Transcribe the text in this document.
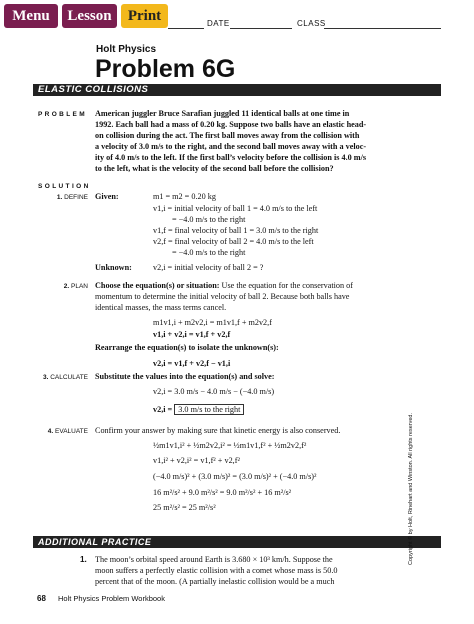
Menu	Lesson	Print	DATE	CLASS
Holt Physics
Problem 6G
ELASTIC COLLISIONS
P R O B L E M American juggler Bruce Sarafian juggled 11 identical balls at one time in
1992. Each ball had a mass of 0.20 kg. Suppose two balls have an elastic head-
on collision during the act. The first ball moves away from the collision with
a velocity of 3.0 m/s to the right, and the second ball moves away with a veloc-
ity of 4.0 m/s to the left. If the first ball’s velocity before the collision is 4.0 m/s
to the left, what is the velocity of the second ball before the collision?
S O L U T I O N
1. DEFINE Given:	m1 = m2 = 0.20 kg
v1,i = initial velocity of ball 1 = 4.0 m/s to the left
= −4.0 m/s to the right
v1,f = final velocity of ball 1 = 3.0 m/s to the right
v2,f = final velocity of ball 2 = 4.0 m/s to the left
= −4.0 m/s to the right
Unknown:	v2,i = initial velocity of ball 2 = ?
2. PLAN Choose the equation(s) or situation: Use the equation for the conservation of
momentum to determine the initial velocity of ball 2. Because both balls have
identical masses, the mass terms cancel.
m1v1,i + m2v2,i = m1v1,f + m2v2,f
v1,i + v2,i = v1,f + v2,f
Rearrange the equation(s) to isolate the unknown(s):
v2,i = v1,f + v2,f − v1,i
3. CALCULATE Substitute the values into the equation(s) and solve:
v2,i = 3.0 m/s − 4.0 m/s − (−4.0 m/s)
v2,i = 3.0 m/s to the right
4. EVALUATE Confirm your answer by making sure that kinetic energy is also conserved.
½m1v1,i² + ½m2v2,i² = ½m1v1,f² + ½m2v2,f²
v1,i² + v2,i² = v1,f² + v2,f²
(−4.0 m/s)² + (3.0 m/s)² = (3.0 m/s)² + (−4.0 m/s)²
16 m²/s² + 9.0 m²/s² = 9.0 m²/s² + 16 m²/s²
25 m²/s² = 25 m²/s²
ADDITIONAL PRACTICE
1. The moon’s orbital speed around Earth is 3.680 × 10³ km/h. Suppose the
moon suffers a perfectly elastic collision with a comet whose mass is 50.0
percent that of the moon. (A partially inelastic collision would be a much
68 Holt Physics Problem Workbook
Copyright © by Holt, Rinehart and Winston. All rights reserved.
